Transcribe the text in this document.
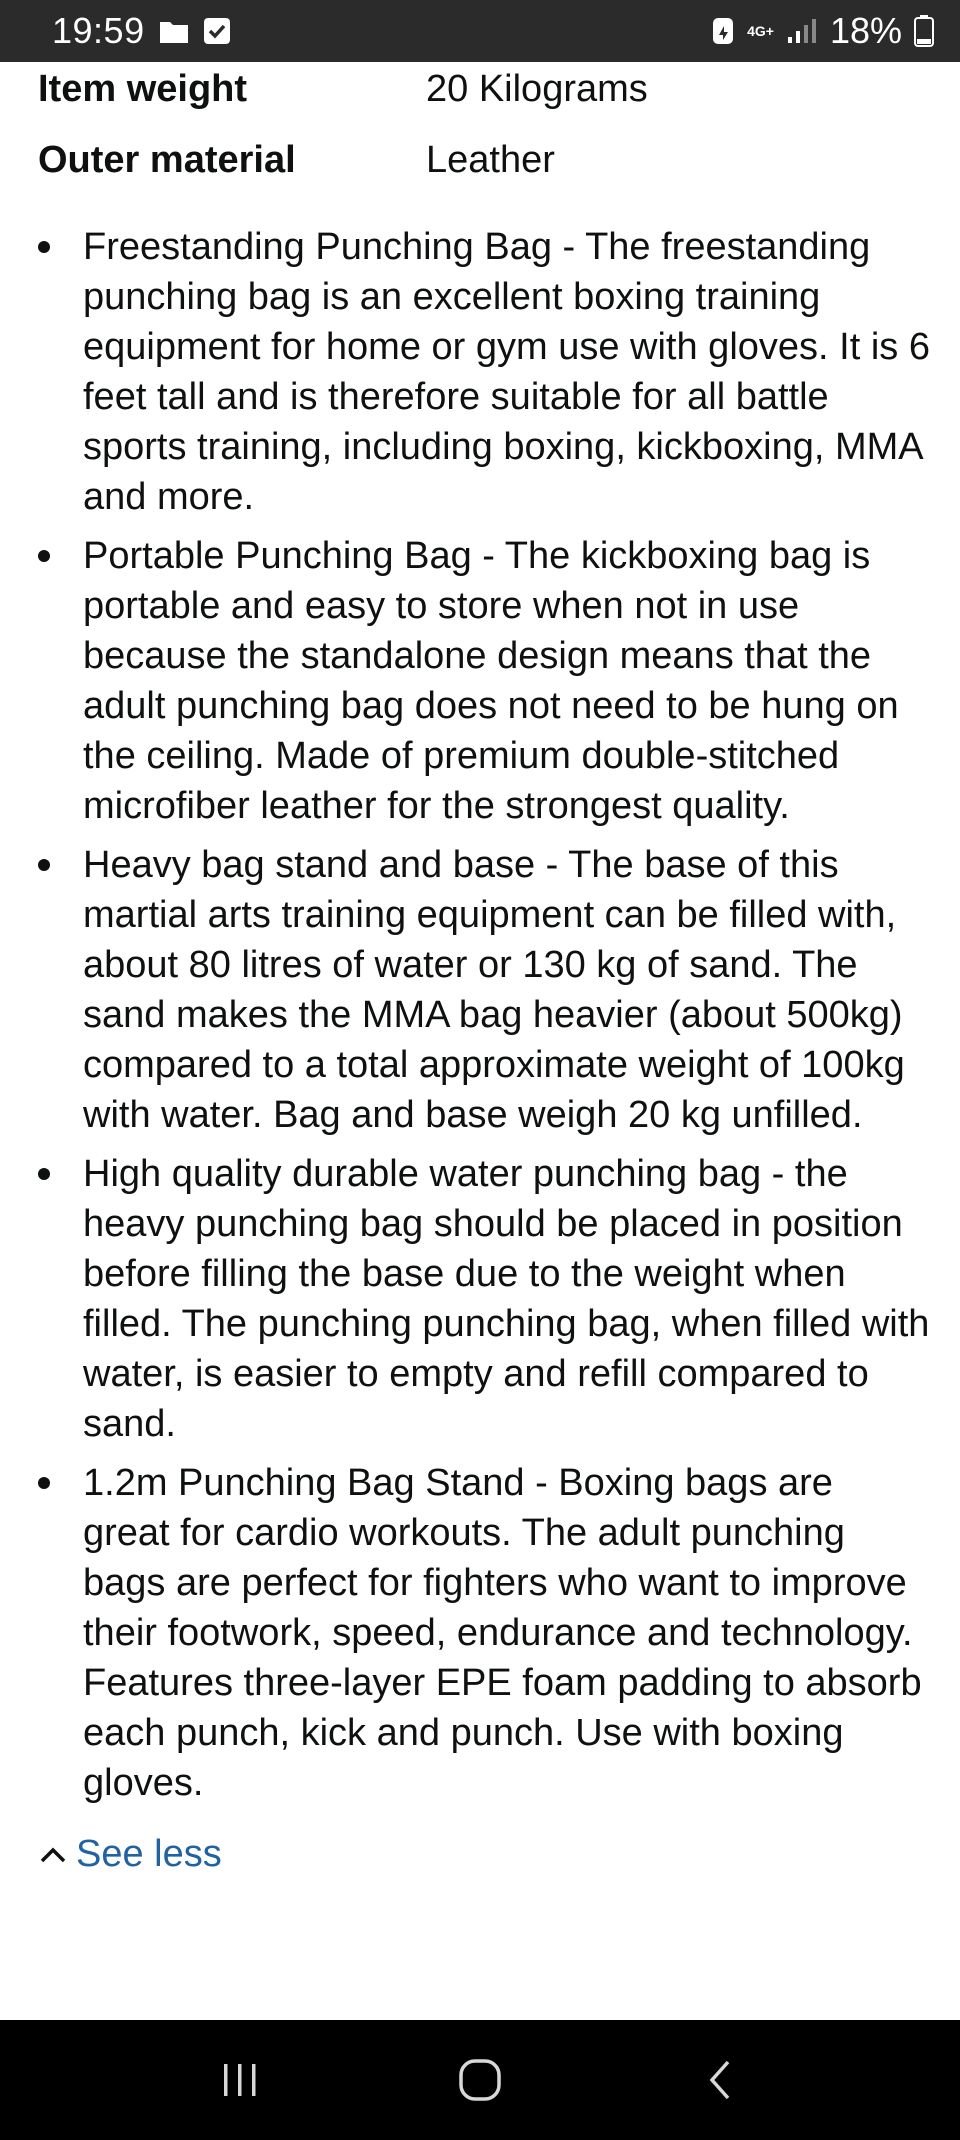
19:59	4G+ 18%
Item weight	20 Kilograms
Outer material	Leather
Freestanding Punching Bag - The freestanding punching bag is an excellent boxing training equipment for home or gym use with gloves. It is 6 feet tall and is therefore suitable for all battle sports training, including boxing, kickboxing, MMA and more.
Portable Punching Bag - The kickboxing bag is portable and easy to store when not in use because the standalone design means that the adult punching bag does not need to be hung on the ceiling. Made of premium double-stitched microfiber leather for the strongest quality.
Heavy bag stand and base - The base of this martial arts training equipment can be filled with, about 80 litres of water or 130 kg of sand. The sand makes the MMA bag heavier (about 500kg) compared to a total approximate weight of 100kg with water. Bag and base weigh 20 kg unfilled.
High quality durable water punching bag - the heavy punching bag should be placed in position before filling the base due to the weight when filled. The punching punching bag, when filled with water, is easier to empty and refill compared to sand.
1.2m Punching Bag Stand - Boxing bags are great for cardio workouts. The adult punching bags are perfect for fighters who want to improve their footwork, speed, endurance and technology. Features three-layer EPE foam padding to absorb each punch, kick and punch. Use with boxing gloves.
See less
